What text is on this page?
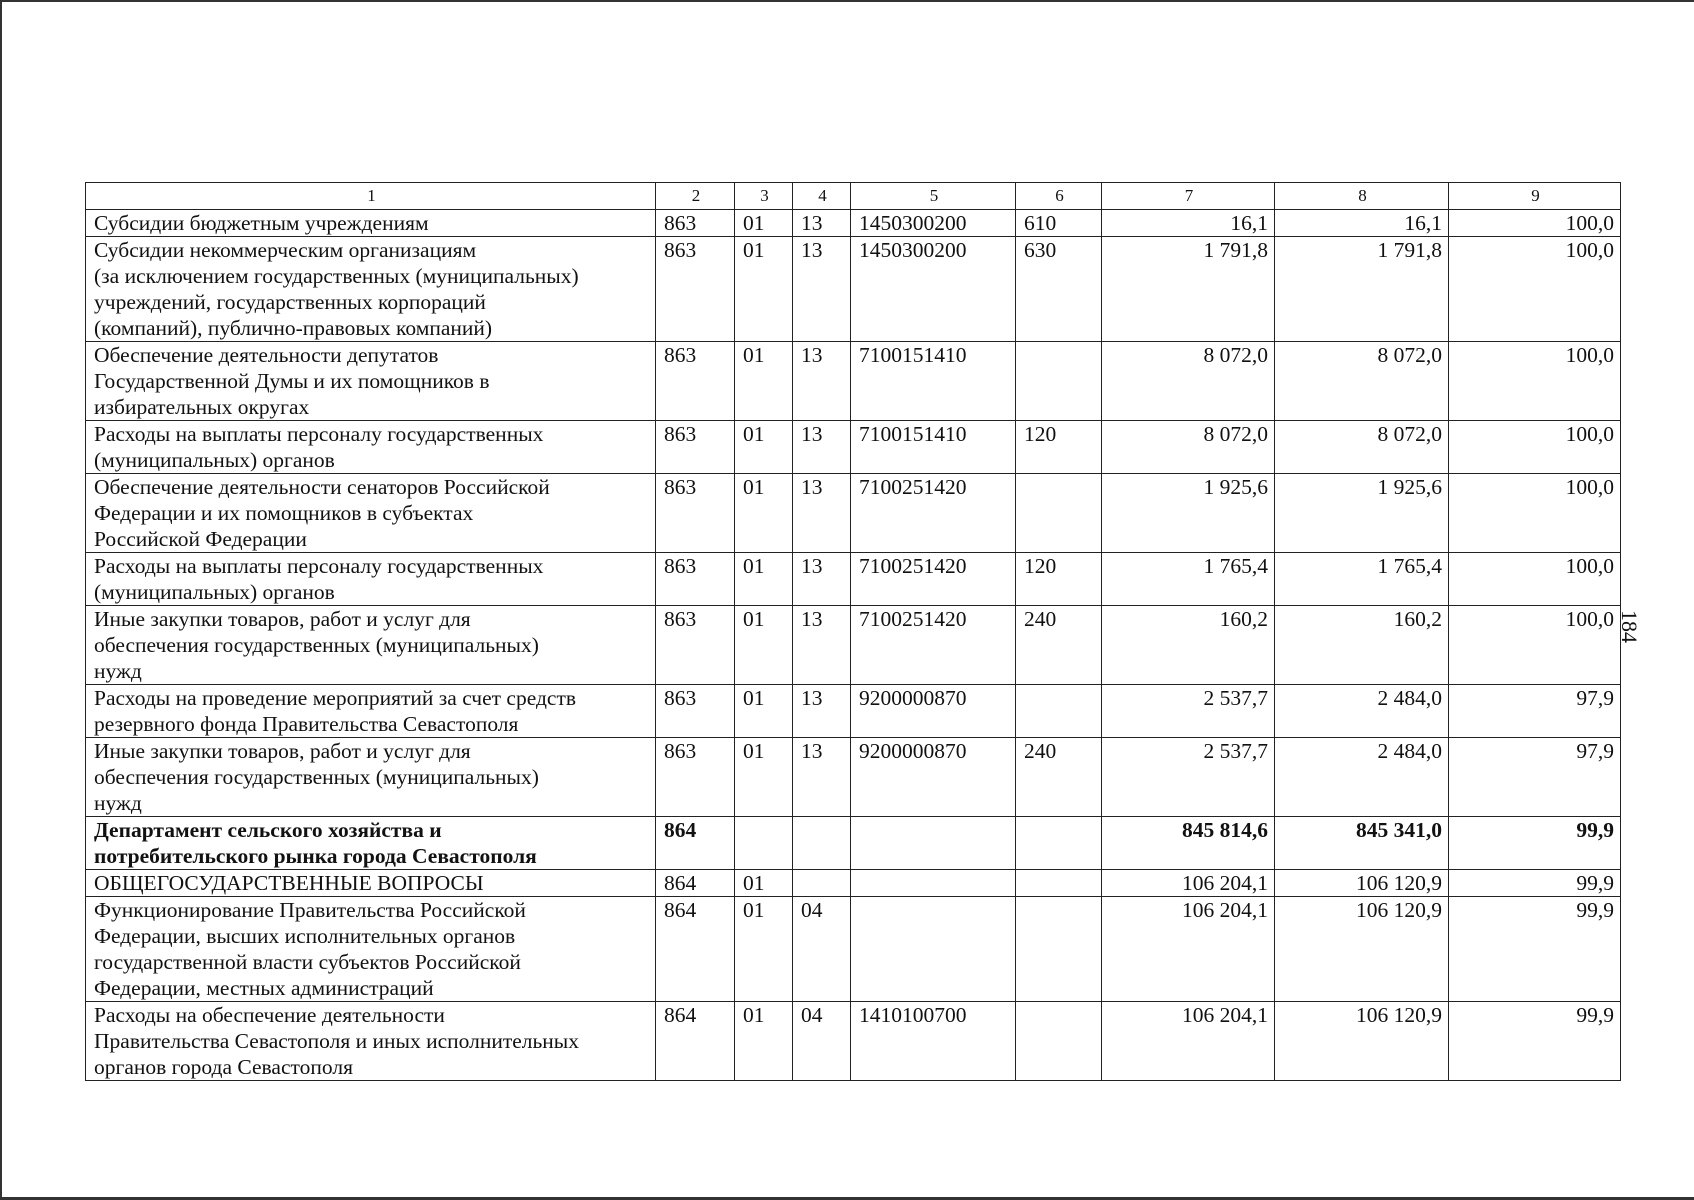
184
1	2	3	4	5	6	7	8	9
Субсидии бюджетным учреждениям	863	01	13	1450300200	610	16,1	16,1	100,0
Субсидии некоммерческим организациям
(за исключением государственных (муниципальных)
учреждений, государственных корпораций
(компаний), публично-правовых компаний)	863	01	13	1450300200	630	1 791,8	1 791,8	100,0
Обеспечение деятельности депутатов
Государственной Думы и их помощников в
избирательных округах	863	01	13	7100151410		8 072,0	8 072,0	100,0
Расходы на выплаты персоналу государственных
(муниципальных) органов	863	01	13	7100151410	120	8 072,0	8 072,0	100,0
Обеспечение деятельности сенаторов Российской
Федерации и их помощников в субъектах
Российской Федерации	863	01	13	7100251420		1 925,6	1 925,6	100,0
Расходы на выплаты персоналу государственных
(муниципальных) органов	863	01	13	7100251420	120	1 765,4	1 765,4	100,0
Иные закупки товаров, работ и услуг для
обеспечения государственных (муниципальных)
нужд	863	01	13	7100251420	240	160,2	160,2	100,0
Расходы на проведение мероприятий за счет средств
резервного фонда Правительства Севастополя	863	01	13	9200000870		2 537,7	2 484,0	97,9
Иные закупки товаров, работ и услуг для
обеспечения государственных (муниципальных)
нужд	863	01	13	9200000870	240	2 537,7	2 484,0	97,9
Департамент сельского хозяйства и
потребительского рынка города Севастополя	864					845 814,6	845 341,0	99,9
ОБЩЕГОСУДАРСТВЕННЫЕ ВОПРОСЫ	864	01				106 204,1	106 120,9	99,9
Функционирование Правительства Российской
Федерации, высших исполнительных органов
государственной власти субъектов Российской
Федерации, местных администраций	864	01	04			106 204,1	106 120,9	99,9
Расходы на обеспечение деятельности
Правительства Севастополя и иных исполнительных
органов города Севастополя	864	01	04	1410100700		106 204,1	106 120,9	99,9
